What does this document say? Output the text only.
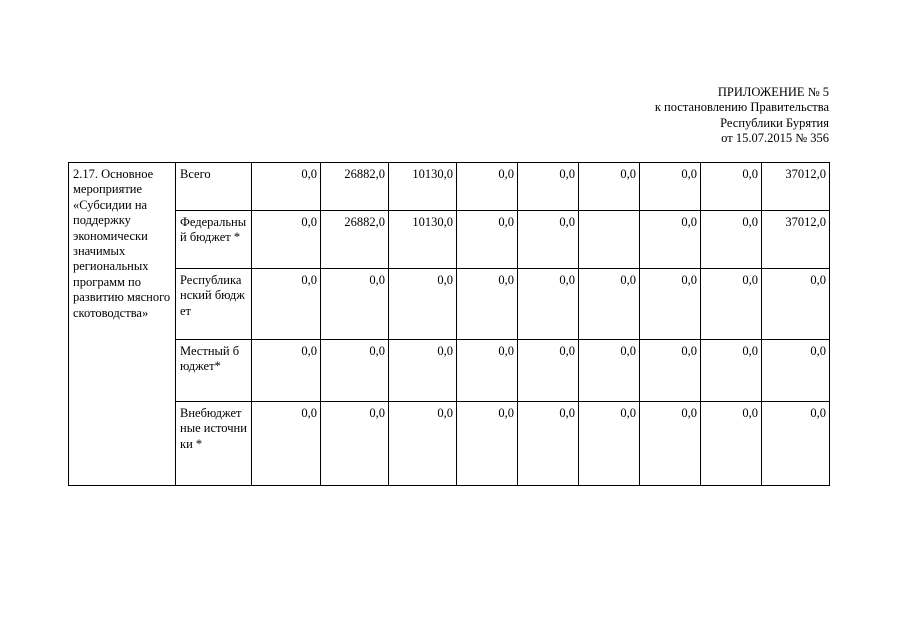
ПРИЛОЖЕНИЕ № 5
к постановлению Правительства
Республики Бурятия
от 15.07.2015 № 356
2.17. Основное мероприятие «Субсидии на поддержку экономически значимых региональных программ по развитию мясного скотоводства»	Всего	0,0	26882,0	10130,0	0,0	0,0	0,0	0,0	0,0	37012,0
	Федеральный бюджет *	0,0	26882,0	10130,0	0,0	0,0		0,0	0,0	37012,0
	Республиканский бюджет	0,0	0,0	0,0	0,0	0,0	0,0	0,0	0,0	0,0
	Местный бюджет*	0,0	0,0	0,0	0,0	0,0	0,0	0,0	0,0	0,0
	Внебюджетные источники *	0,0	0,0	0,0	0,0	0,0	0,0	0,0	0,0	0,0
